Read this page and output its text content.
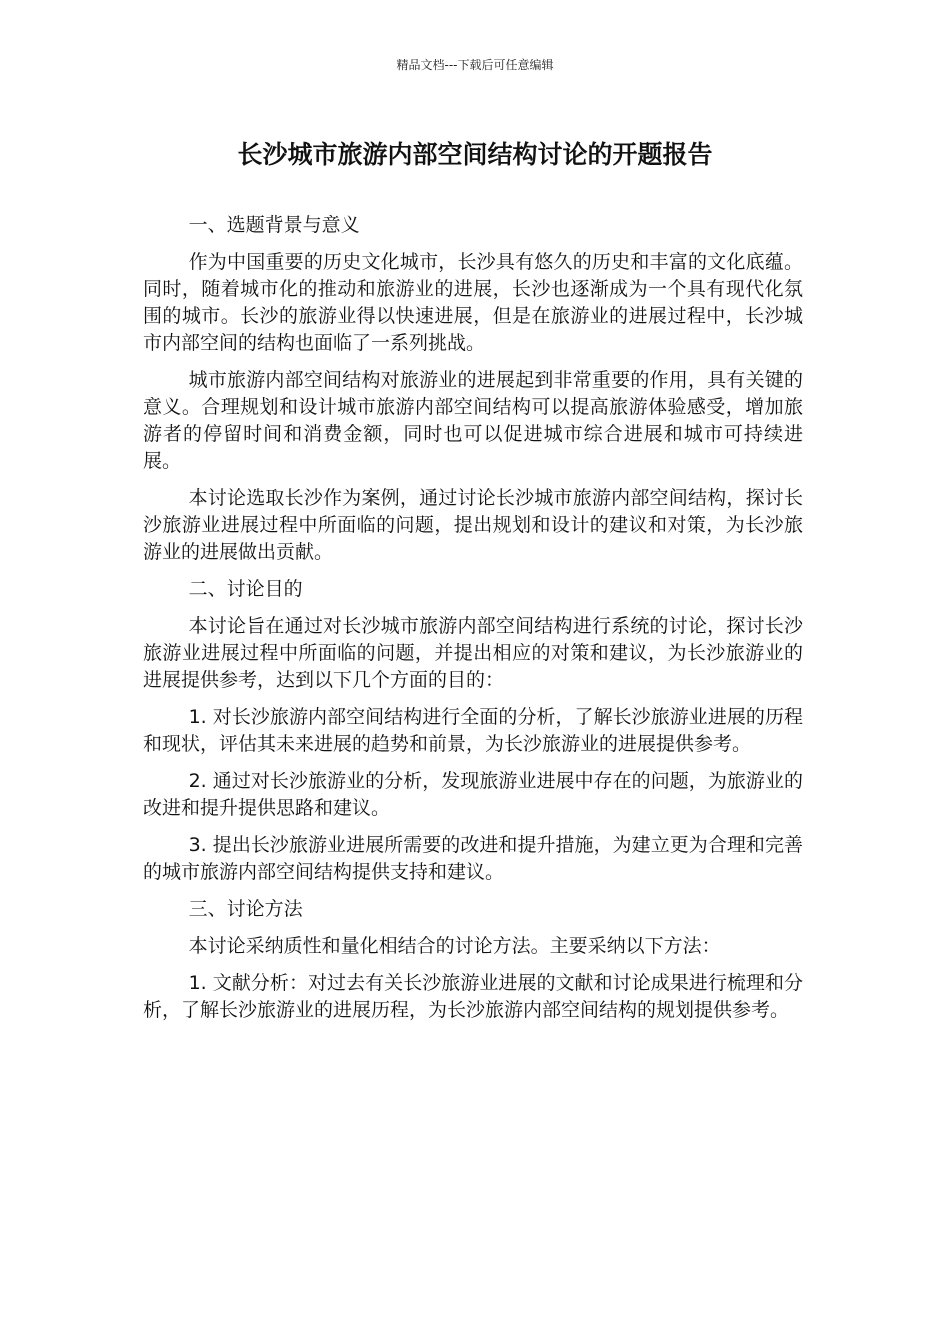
精品文档---下载后可任意编辑
长沙城市旅游内部空间结构讨论的开题报告

一、选题背景与意义

作为中国重要的历史文化城市，长沙具有悠久的历史和丰富的文化底蕴。同时，随着城市化的推动和旅游业的进展，长沙也逐渐成为一个具有现代化氛围的城市。长沙的旅游业得以快速进展，但是在旅游业的进展过程中，长沙城市内部空间的结构也面临了一系列挑战。

城市旅游内部空间结构对旅游业的进展起到非常重要的作用，具有关键的意义。合理规划和设计城市旅游内部空间结构可以提高旅游体验感受，增加旅游者的停留时间和消费金额，同时也可以促进城市综合进展和城市可持续进展。

本讨论选取长沙作为案例，通过讨论长沙城市旅游内部空间结构，探讨长沙旅游业进展过程中所面临的问题，提出规划和设计的建议和对策，为长沙旅游业的进展做出贡献。

二、讨论目的

本讨论旨在通过对长沙城市旅游内部空间结构进行系统的讨论，探讨长沙旅游业进展过程中所面临的问题，并提出相应的对策和建议，为长沙旅游业的进展提供参考，达到以下几个方面的目的：

1. 对长沙旅游内部空间结构进行全面的分析，了解长沙旅游业进展的历程和现状，评估其未来进展的趋势和前景，为长沙旅游业的进展提供参考。

2. 通过对长沙旅游业的分析，发现旅游业进展中存在的问题，为旅游业的改进和提升提供思路和建议。

3. 提出长沙旅游业进展所需要的改进和提升措施，为建立更为合理和完善的城市旅游内部空间结构提供支持和建议。

三、讨论方法

本讨论采纳质性和量化相结合的讨论方法。主要采纳以下方法：

1. 文献分析：对过去有关长沙旅游业进展的文献和讨论成果进行梳理和分析，了解长沙旅游业的进展历程，为长沙旅游内部空间结构的规划提供参考。
